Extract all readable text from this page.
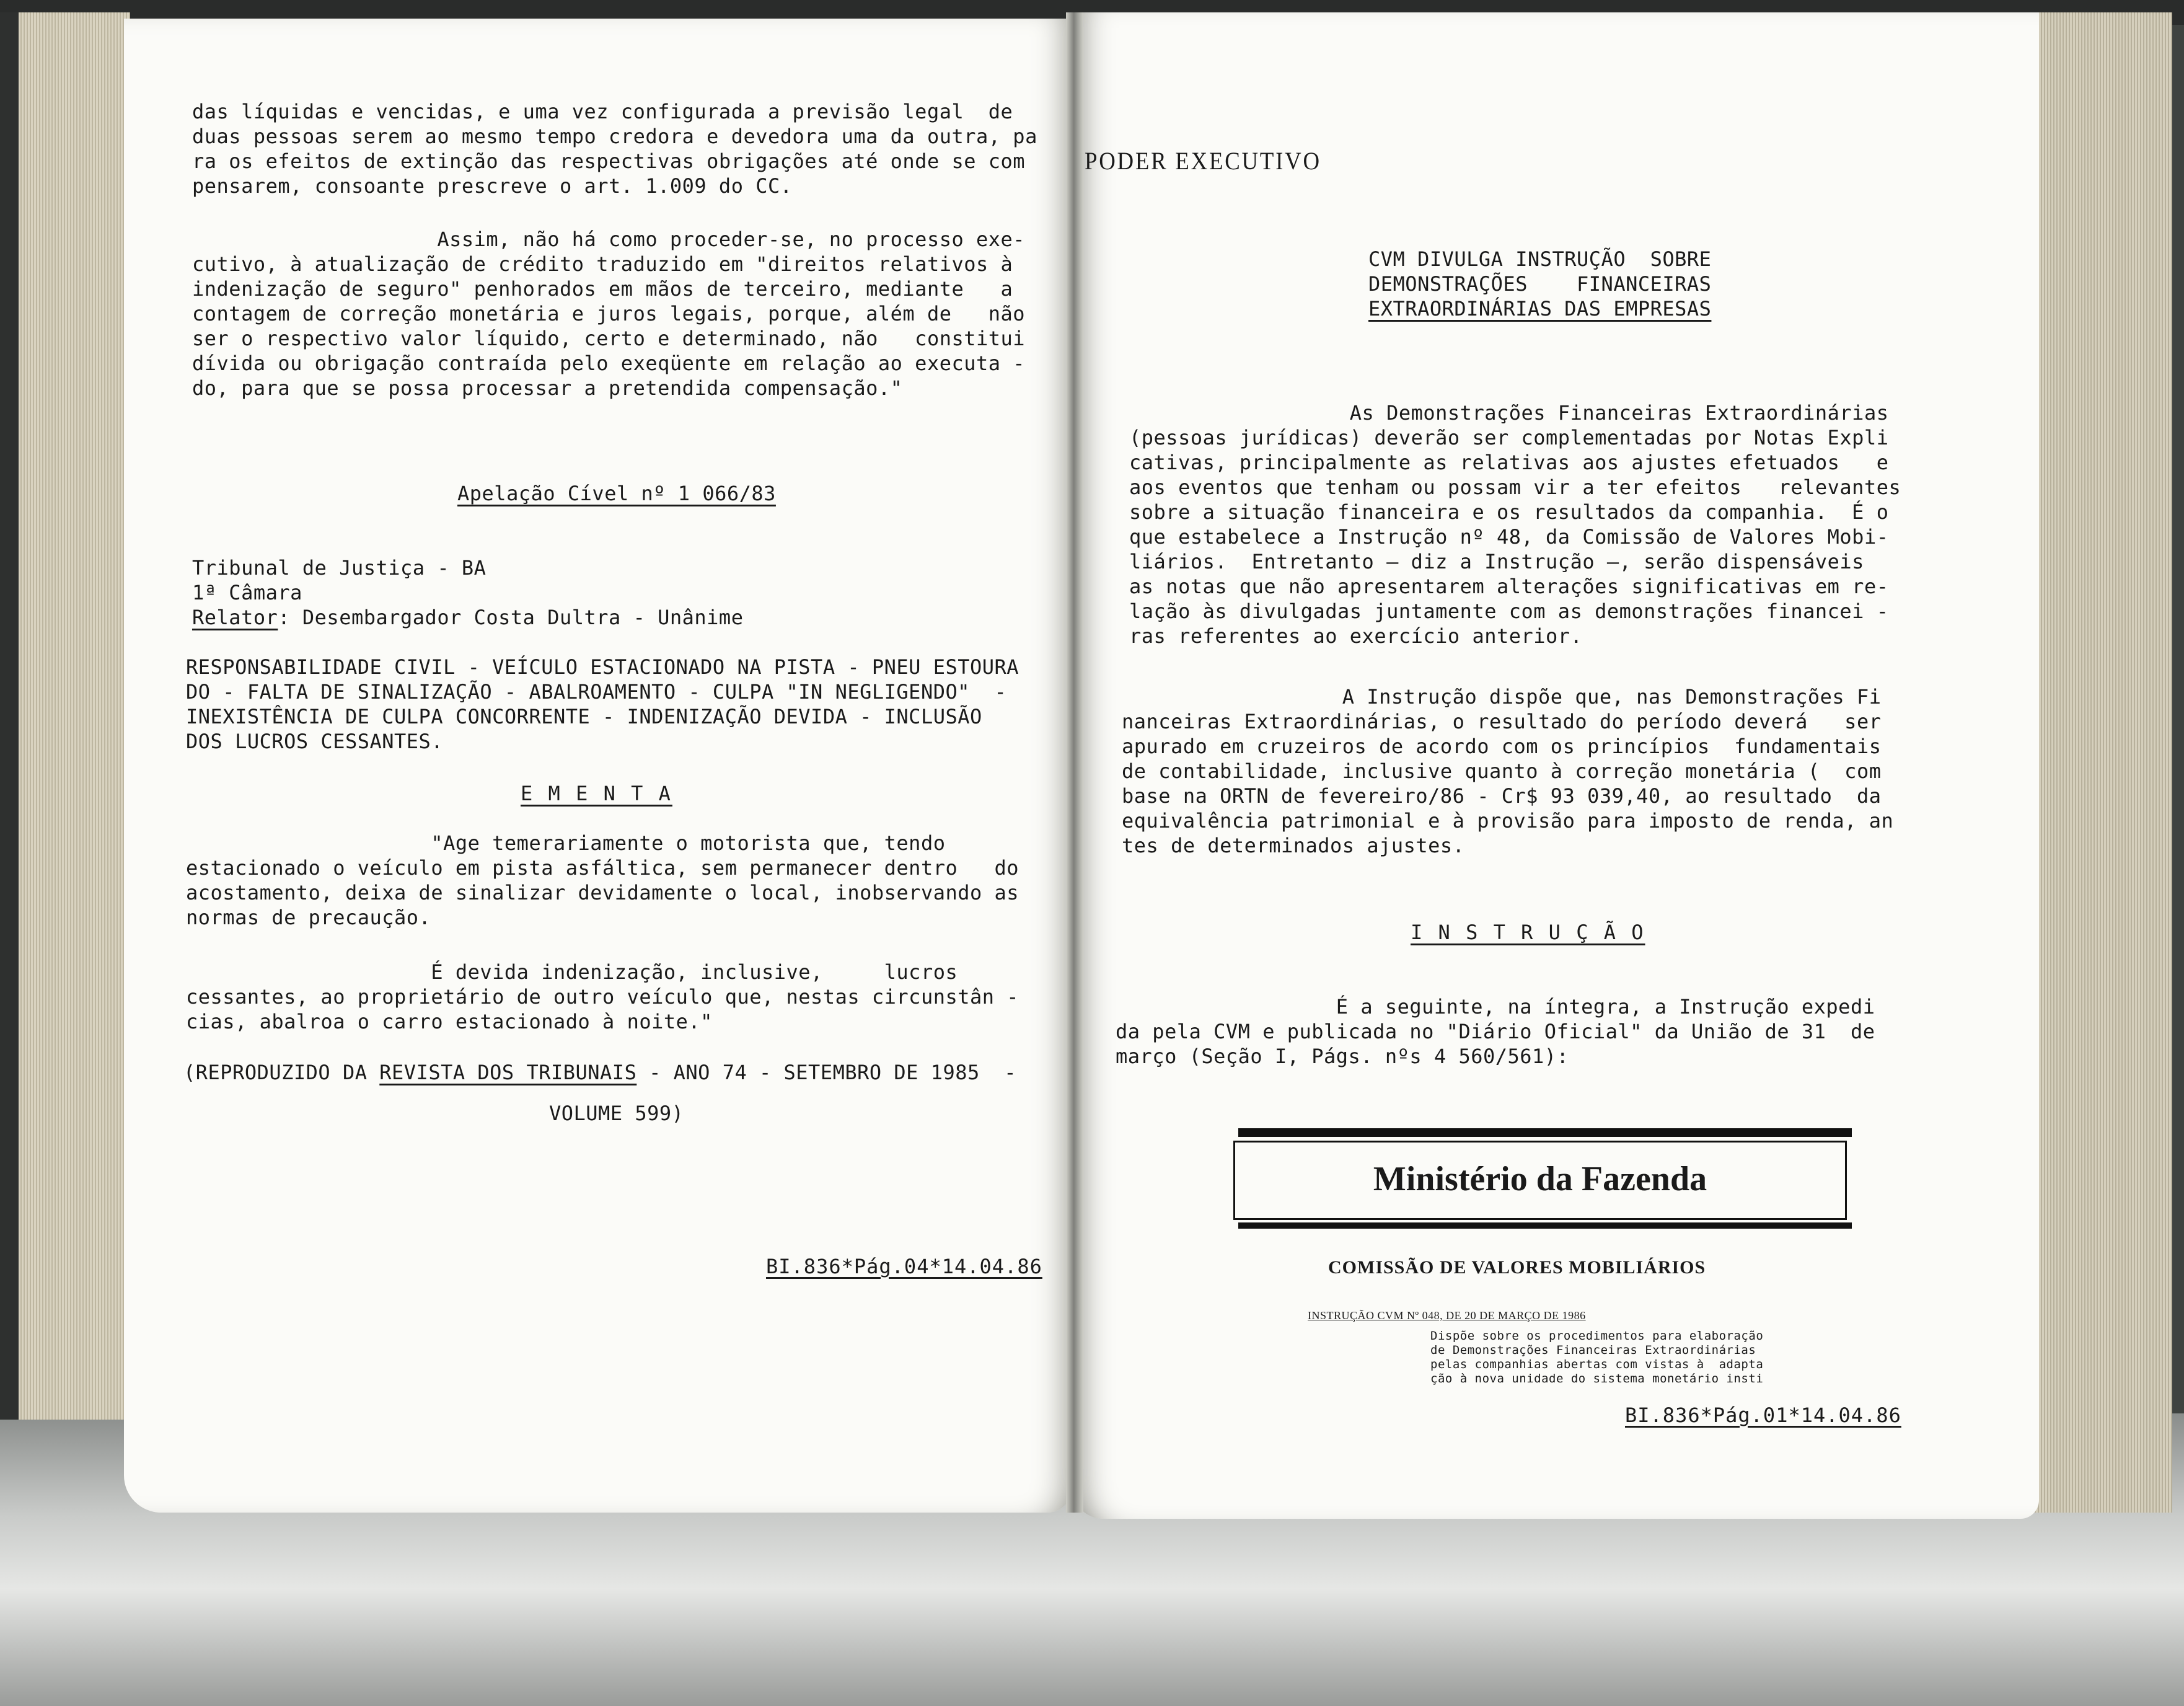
das líquidas e vencidas, e uma vez configurada a previsão legal  de
duas pessoas serem ao mesmo tempo credora e devedora uma da outra, pa
ra os efeitos de extinção das respectivas obrigações até onde se com
pensarem, consoante prescreve o art. 1.009 do CC.
Assim, não há como proceder-se, no processo exe-
cutivo, à atualização de crédito traduzido em "direitos relativos à
indenização de seguro" penhorados em mãos de terceiro, mediante   a
contagem de correção monetária e juros legais, porque, além de   não
ser o respectivo valor líquido, certo e determinado, não   constitui
dívida ou obrigação contraída pelo exeqüente em relação ao executa -
do, para que se possa processar a pretendida compensação."
Apelação Cível nº 1 066/83
Tribunal de Justiça - BA
1ª Câmara
Relator: Desembargador Costa Dultra - Unânime
RESPONSABILIDADE CIVIL - VEÍCULO ESTACIONADO NA PISTA - PNEU ESTOURA
DO - FALTA DE SINALIZAÇÃO - ABALROAMENTO - CULPA "IN NEGLIGENDO"  -
INEXISTÊNCIA DE CULPA CONCORRENTE - INDENIZAÇÃO DEVIDA - INCLUSÃO
DOS LUCROS CESSANTES.
E M E N T A
"Age temerariamente o motorista que, tendo
estacionado o veículo em pista asfáltica, sem permanecer dentro   do
acostamento, deixa de sinalizar devidamente o local, inobservando as
normas de precaução.
É devida indenização, inclusive,     lucros
cessantes, ao proprietário de outro veículo que, nestas circunstân -
cias, abalroa o carro estacionado à noite."
(REPRODUZIDO DA REVISTA DOS TRIBUNAIS - ANO 74 - SETEMBRO DE 1985  -
VOLUME 599)
BI.836*Pág.04*14.04.86
PODER EXECUTIVO
CVM DIVULGA INSTRUÇÃO  SOBRE
DEMONSTRAÇÕES    FINANCEIRAS
EXTRAORDINÁRIAS DAS EMPRESAS
As Demonstrações Financeiras Extraordinárias
(pessoas jurídicas) deverão ser complementadas por Notas Expli
cativas, principalmente as relativas aos ajustes efetuados   e
aos eventos que tenham ou possam vir a ter efeitos   relevantes
sobre a situação financeira e os resultados da companhia.  É o
que estabelece a Instrução nº 48, da Comissão de Valores Mobi-
liários.  Entretanto — diz a Instrução —, serão dispensáveis
as notas que não apresentarem alterações significativas em re-
lação às divulgadas juntamente com as demonstrações financei -
ras referentes ao exercício anterior.
A Instrução dispõe que, nas Demonstrações Fi
nanceiras Extraordinárias, o resultado do período deverá   ser
apurado em cruzeiros de acordo com os princípios  fundamentais
de contabilidade, inclusive quanto à correção monetária (  com
base na ORTN de fevereiro/86 - Cr$ 93 039,40, ao resultado  da
equivalência patrimonial e à provisão para imposto de renda, an
tes de determinados ajustes.
I N S T R U Ç Ã O
É a seguinte, na íntegra, a Instrução expedi
da pela CVM e publicada no "Diário Oficial" da União de 31  de
março (Seção I, Págs. nºs 4 560/561):
Ministério da Fazenda
COMISSÃO DE VALORES MOBILIÁRIOS
INSTRUÇÃO CVM Nº 048, DE 20 DE MARÇO DE 1986
Dispõe sobre os procedimentos para elaboração
de Demonstrações Financeiras Extraordinárias
pelas companhias abertas com vistas à  adapta
ção à nova unidade do sistema monetário insti
BI.836*Pág.01*14.04.86
